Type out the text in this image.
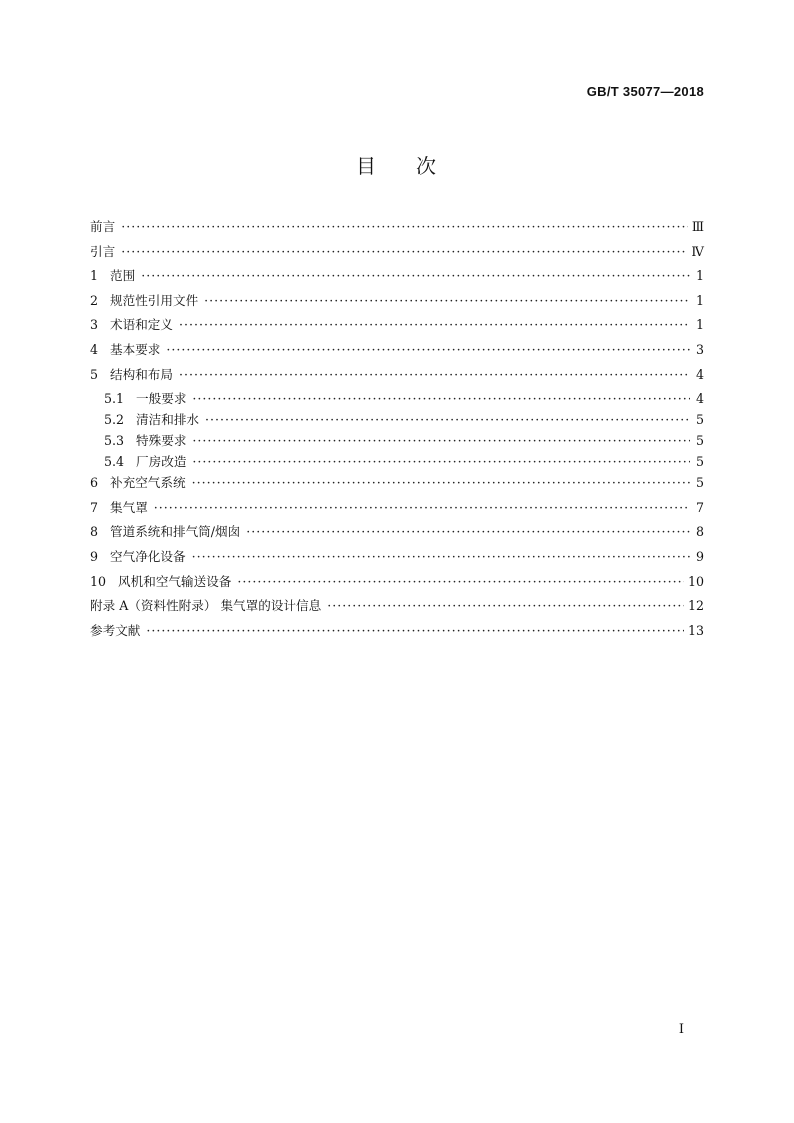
GB/T 35077—2018
目 次
前言 ·····	Ⅲ
引言 ·····	Ⅳ
1 范围 ·····	1
2 规范性引用文件 ·····	1
3 术语和定义 ·····	1
4 基本要求 ·····	3
5 结构和布局 ·····	4
5.1 一般要求 ·····	4
5.2 清洁和排水 ·····	5
5.3 特殊要求 ·····	5
5.4 厂房改造 ·····	5
6 补充空气系统 ·····	5
7 集气罩 ·····	7
8 管道系统和排气筒/烟囱 ·····	8
9 空气净化设备 ·····	9
10 风机和空气输送设备 ·····	10
附录 A（资料性附录） 集气罩的设计信息 ·····	12
参考文献 ·····	13
I
